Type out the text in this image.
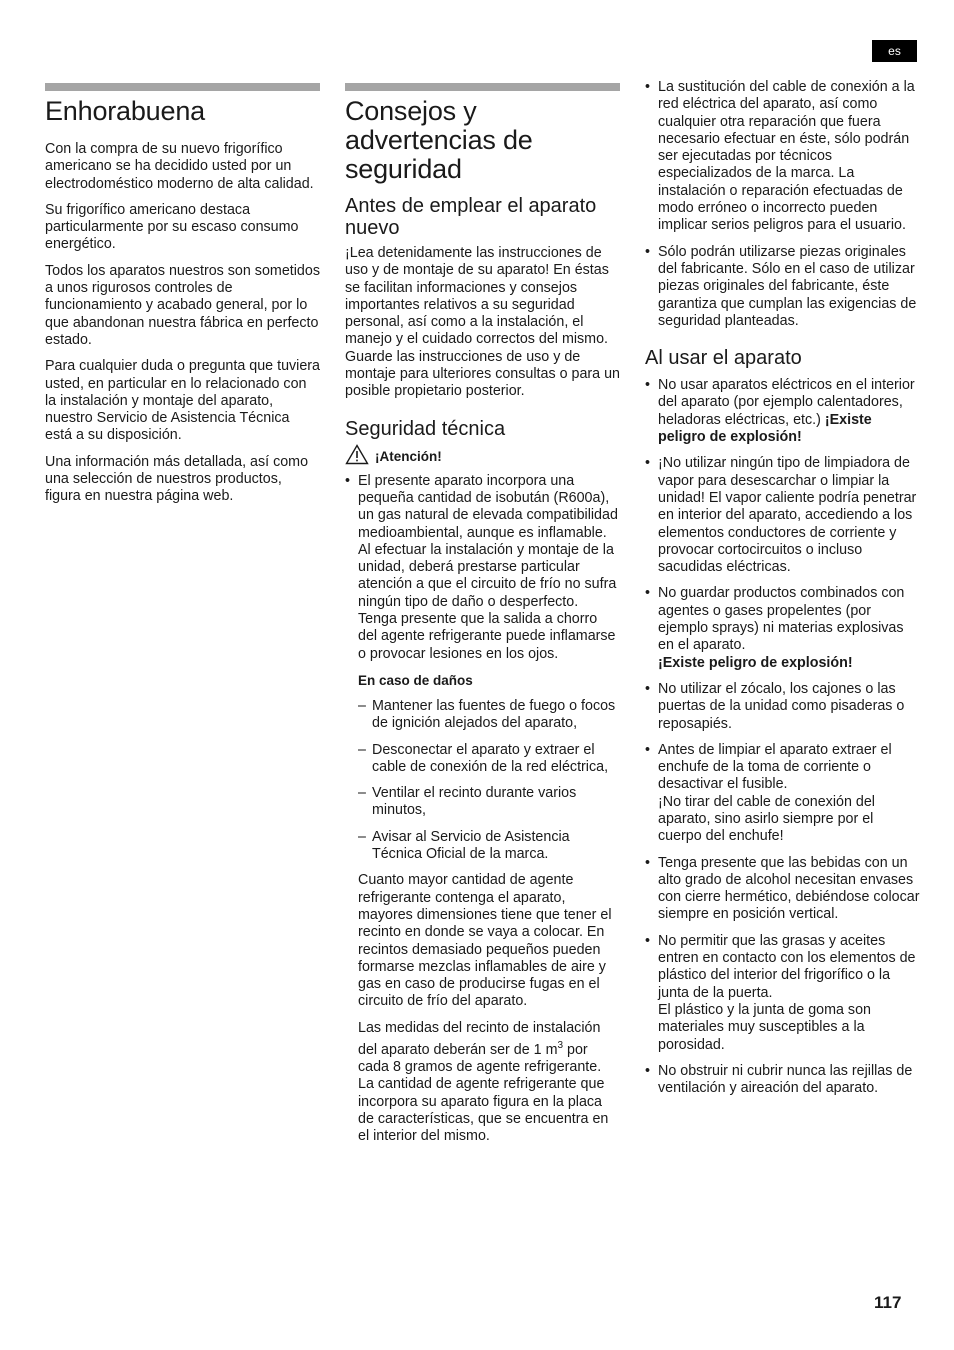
es
Enhorabuena

Con la compra de su nuevo frigorífico americano se ha decidido usted por un electrodoméstico moderno de alta calidad.

Su frigorífico americano destaca particularmente por su escaso consumo energético.

Todos los aparatos nuestros son sometidos a unos rigurosos controles de funcionamiento y acabado general, por lo que abandonan nuestra fábrica en perfecto estado.

Para cualquier duda o pregunta que tuviera usted, en particular en lo relacionado con la instalación y montaje del aparato, nuestro Servicio de Asistencia Técnica está a su disposición.

Una información más detallada, así como una selección de nuestros productos, figura en nuestra página web.

Consejos y advertencias de seguridad
Antes de emplear el aparato nuevo
¡Lea detenidamente las instrucciones de uso y de montaje de su aparato! En éstas se facilitan informaciones y consejos importantes relativos a su seguridad personal, así como a la instalación, el manejo y el cuidado correctos del mismo.
Guarde las instrucciones de uso y de montaje para ulteriores consultas o para un posible propietario posterior.
Seguridad técnica
¡Atención!
• El presente aparato incorpora una pequeña cantidad de isobután (R600a), un gas natural de elevada compatibilidad medioambiental, aunque es inflamable. Al efectuar la instalación y montaje de la unidad, deberá prestarse particular atención a que el circuito de frío no sufra ningún tipo de daño o desperfecto. Tenga presente que la salida a chorro del agente refrigerante puede inflamarse o provocar lesiones en los ojos.
En caso de daños
– Mantener las fuentes de fuego o focos de ignición alejados del aparato,
– Desconectar el aparato y extraer el cable de conexión de la red eléctrica,
– Ventilar el recinto durante varios minutos,
– Avisar al Servicio de Asistencia Técnica Oficial de la marca.

Cuanto mayor cantidad de agente refrigerante contenga el aparato, mayores dimensiones tiene que tener el recinto en donde se vaya a colocar. En recintos demasiado pequeños pueden formarse mezclas inflamables de aire y gas en caso de producirse fugas en el circuito de frío del aparato.

Las medidas del recinto de instalación del aparato deberán ser de 1 $m^3$ por cada 8 gramos de agente refrigerante. La cantidad de agente refrigerante que incorpora su aparato figura en la placa de características, que se encuentra en el interior del mismo.

• La sustitución del cable de conexión a la red eléctrica del aparato, así como cualquier otra reparación que fuera necesario efectuar en éste, sólo podrán ser ejecutadas por técnicos especializados de la marca. La instalación o reparación efectuadas de modo erróneo o incorrecto pueden implicar serios peligros para el usuario.
• Sólo podrán utilizarse piezas originales del fabricante. Sólo en el caso de utilizar piezas originales del fabricante, éste garantiza que cumplan las exigencias de seguridad planteadas.
Al usar el aparato
• No usar aparatos eléctricos en el interior del aparato (por ejemplo calentadores, heladoras eléctricas, etc.) ¡Existe peligro de explosión!
• ¡No utilizar ningún tipo de limpiadora de vapor para desescarchar o limpiar la unidad! El vapor caliente podría penetrar en interior del aparato, accediendo a los elementos conductores de corriente y provocar cortocircuitos o incluso sacudidas eléctricas.
• No guardar productos combinados con agentes o gases propelentes (por ejemplo sprays) ni materias explosivas en el aparato.
¡Existe peligro de explosión!
• No utilizar el zócalo, los cajones o las puertas de la unidad como pisaderas o reposapiés.
• Antes de limpiar el aparato extraer el enchufe de la toma de corriente o desactivar el fusible.
¡No tirar del cable de conexión del aparato, sino asirlo siempre por el cuerpo del enchufe!
• Tenga presente que las bebidas con un alto grado de alcohol necesitan envases con cierre hermético, debiéndose colocar siempre en posición vertical.
• No permitir que las grasas y aceites entren en contacto con los elementos de plástico del interior del frigorífico o la junta de la puerta.
El plástico y la junta de goma son materiales muy susceptibles a la porosidad.
• No obstruir ni cubrir nunca las rejillas de ventilación y aireación del aparato.
117
